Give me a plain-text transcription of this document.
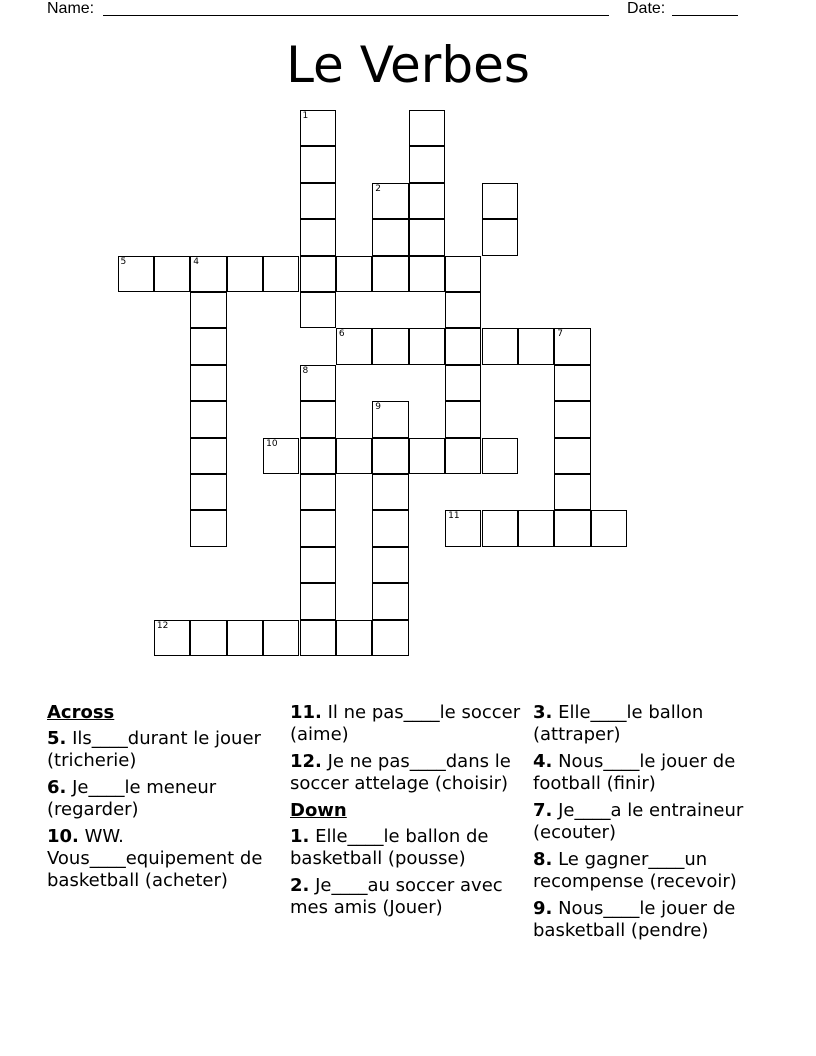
Name:	Date:
Le Verbes
1
2
5	4
6	7
8
9
10
11
12
Across
5. Ils____durant le jouer (tricherie)
6. Je____le meneur (regarder)
10. WW. Vous____equipement de basketball (acheter)
11. Il ne pas____le soccer (aime)
12. Je ne pas____dans le soccer attelage (choisir)
Down
1. Elle____le ballon de basketball (pousse)
2. Je____au soccer avec mes amis (Jouer)
3. Elle____le ballon (attraper)
4. Nous____le jouer de football (finir)
7. Je____a le entraineur (ecouter)
8. Le gagner____un recompense (recevoir)
9. Nous____le jouer de basketball (pendre)
